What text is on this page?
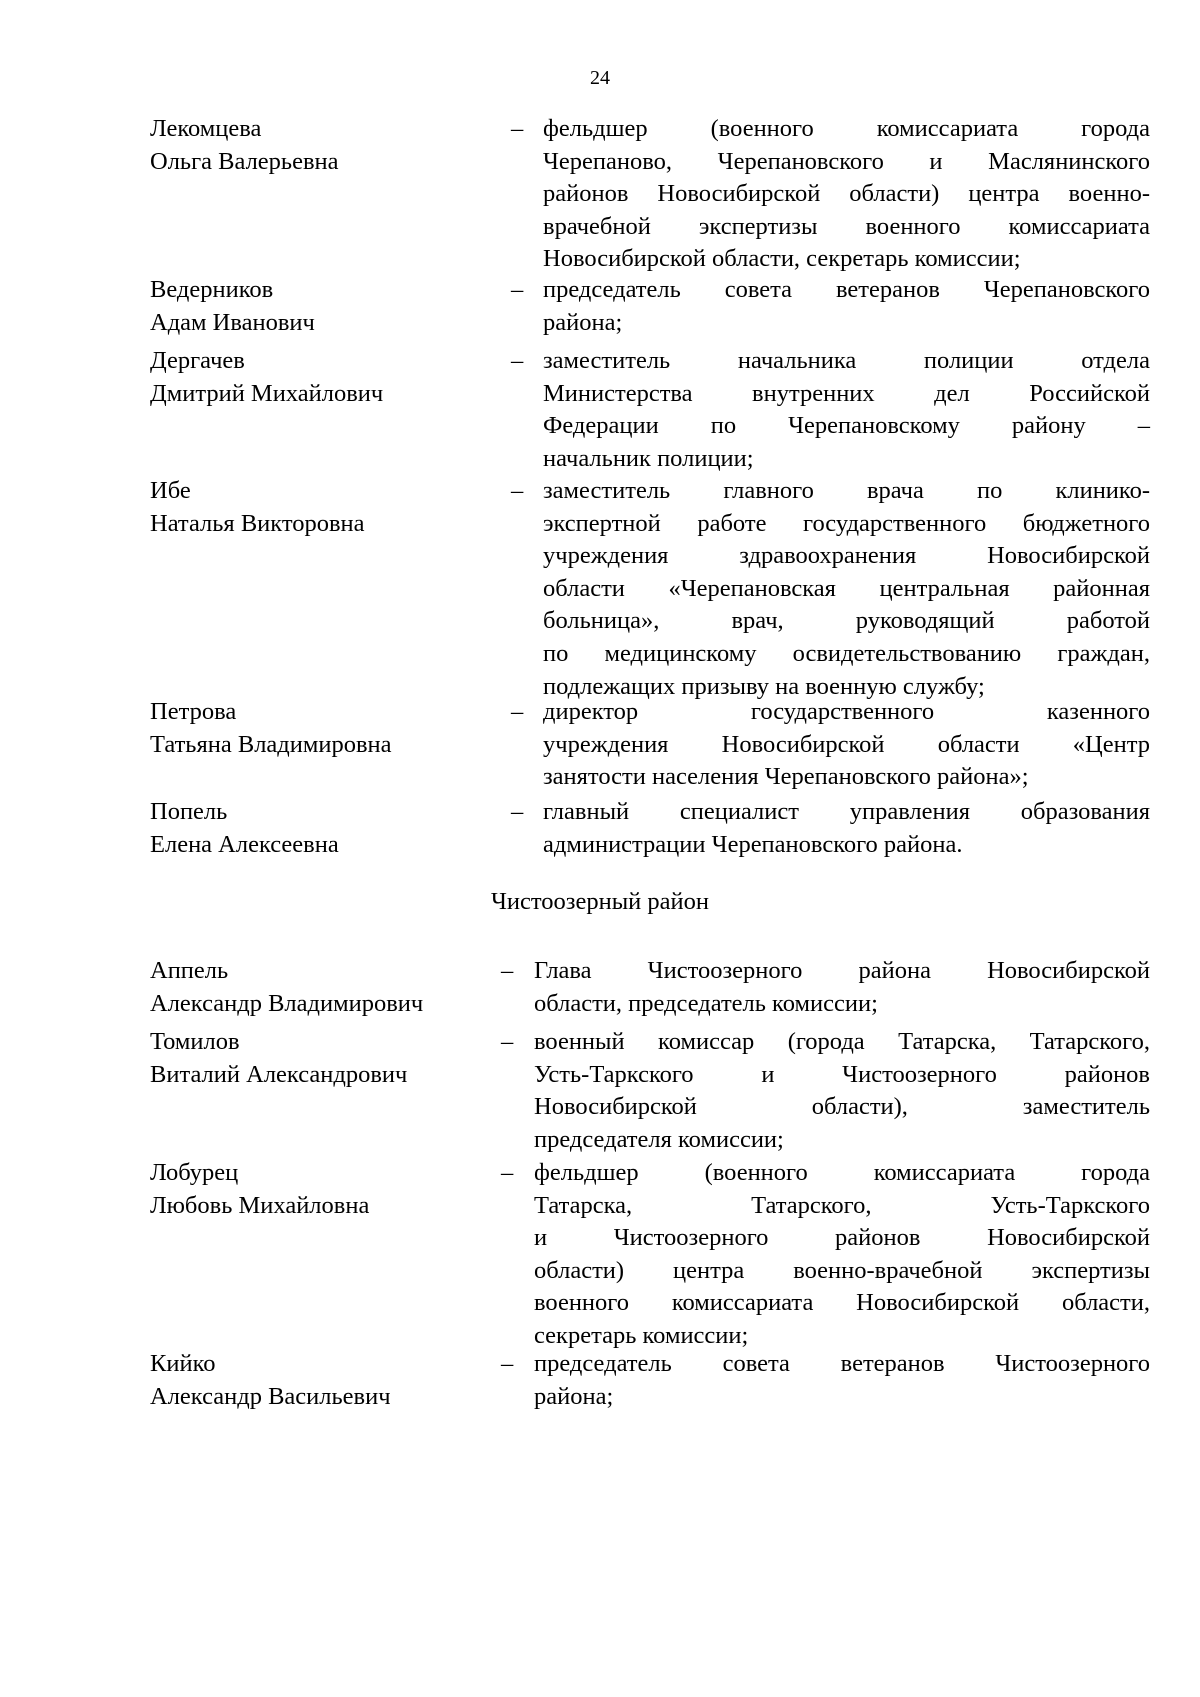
24
Лекомцева
Ольга Валерьевна
– фельдшер (военного комиссариата города
Черепаново, Черепановского и Маслянинского
районов Новосибирской области) центра военно-
врачебной экспертизы военного комиссариата
Новосибирской области, секретарь комиссии;
Ведерников
Адам Иванович
– председатель совета ветеранов Черепановского
района;
Дергачев
Дмитрий Михайлович
– заместитель начальника полиции отдела
Министерства внутренних дел Российской
Федерации по Черепановскому району –
начальник полиции;
Ибе
Наталья Викторовна
– заместитель главного врача по клинико-
экспертной работе государственного бюджетного
учреждения здравоохранения Новосибирской
области «Черепановская центральная районная
больница», врач, руководящий работой
по медицинскому освидетельствованию граждан,
подлежащих призыву на военную службу;
Петрова
Татьяна Владимировна
– директор государственного казенного
учреждения Новосибирской области «Центр
занятости населения Черепановского района»;
Попель
Елена Алексеевна
– главный специалист управления образования
администрации Черепановского района.
Чистоозерный район
Аппель
Александр Владимирович
– Глава Чистоозерного района Новосибирской
области, председатель комиссии;
Томилов
Виталий Александрович
– военный комиссар (города Татарска, Татарского,
Усть-Таркского и Чистоозерного районов
Новосибирской области), заместитель
председателя комиссии;
Лобурец
Любовь Михайловна
– фельдшер (военного комиссариата города
Татарска, Татарского, Усть-Таркского
и Чистоозерного районов Новосибирской
области) центра военно-врачебной экспертизы
военного комиссариата Новосибирской области,
секретарь комиссии;
Кийко
Александр Васильевич
– председатель совета ветеранов Чистоозерного
района;
